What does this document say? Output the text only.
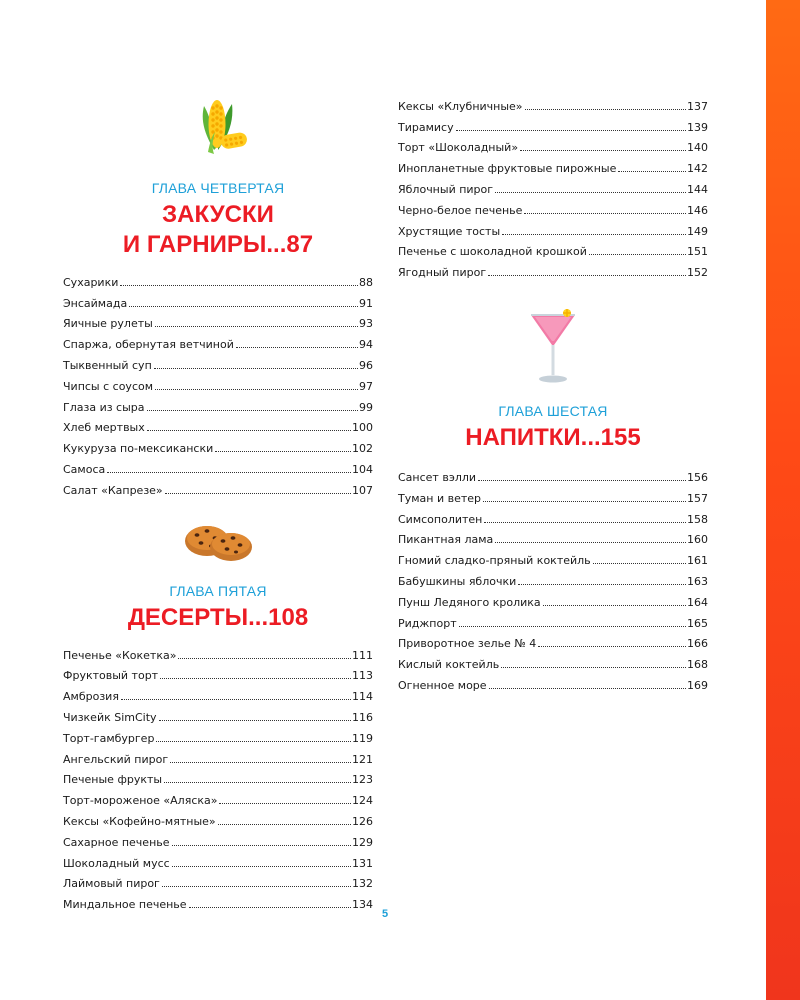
ГЛАВА ЧЕТВЕРТАЯ

ЗАКУСКИ

И ГАРНИРЫ...87

Сухарики	88
Энсаймада	91
Яичные рулеты	93
Спаржа, обернутая ветчиной	94
Тыквенный суп	96
Чипсы с соусом	97
Глаза из сыра	99
Хлеб мертвых	100
Кукуруза по-мексикански	102
Самоса	104
Салат «Капрезе»	107

ГЛАВА ПЯТАЯ

ДЕСЕРТЫ...108

Печенье «Кокетка»	111
Фруктовый торт	113
Амброзия	114
Чизкейк SimCity	116
Торт-гамбургер	119
Ангельский пирог	121
Печеные фрукты	123
Торт-мороженое «Аляска»	124
Кексы «Кофейно-мятные»	126
Сахарное печенье	129
Шоколадный мусс	131
Лаймовый пирог	132
Миндальное печенье	134
Кексы «Клубничные»	137
Тирамису	139
Торт «Шоколадный»	140
Инопланетные фруктовые пирожные	142
Яблочный пирог	144
Черно-белое печенье	146
Хрустящие тосты	149
Печенье с шоколадной крошкой	151
Ягодный пирог	152

ГЛАВА ШЕСТАЯ

НАПИТКИ...155

Сансет вэлли	156
Туман и ветер	157
Симсополитен	158
Пикантная лама	160
Гномий сладко-пряный коктейль	161
Бабушкины яблочки	163
Пунш Ледяного кролика	164
Риджпорт	165
Приворотное зелье № 4	166
Кислый коктейль	168
Огненное море	169
5
